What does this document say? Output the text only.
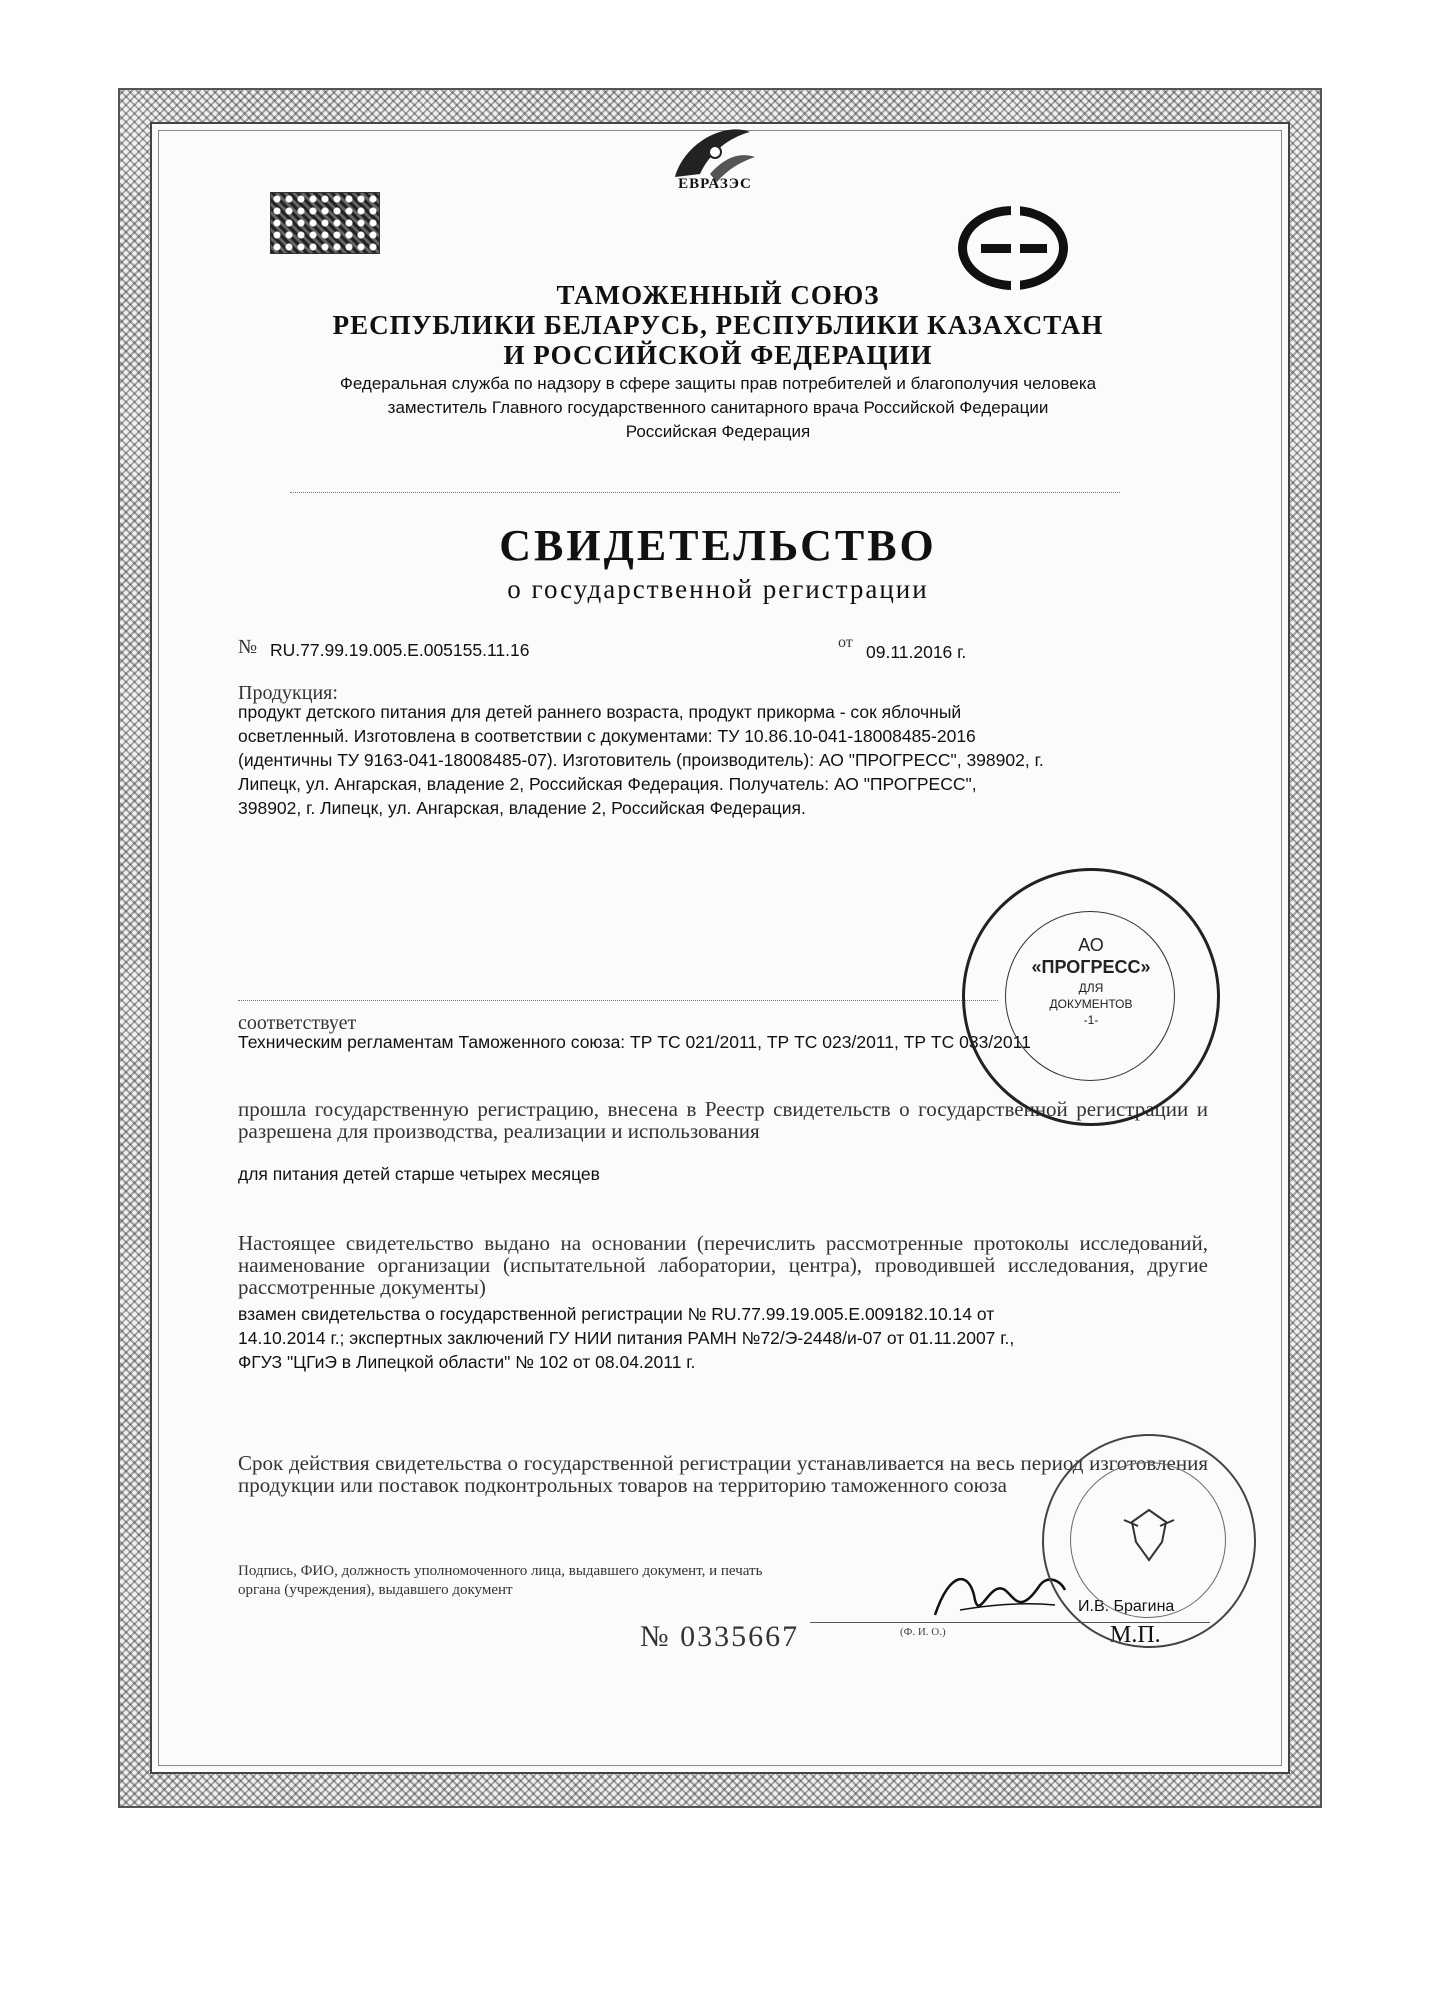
ЕВРАЗЭС
ТАМОЖЕННЫЙ СОЮЗ
РЕСПУБЛИКИ БЕЛАРУСЬ, РЕСПУБЛИКИ КАЗАХСТАН
И РОССИЙСКОЙ ФЕДЕРАЦИИ
Федеральная служба по надзору в сфере защиты прав потребителей и благополучия человека
заместитель Главного государственного санитарного врача Российской Федерации
Российская Федерация
СВИДЕТЕЛЬСТВО
о государственной регистрации
№ RU.77.99.19.005.E.005155.11.16	от 09.11.2016 г.
Продукция:
продукт детского питания для детей раннего возраста, продукт прикорма - сок яблочный
осветленный. Изготовлена в соответствии с документами: ТУ 10.86.10-041-18008485-2016
(идентичны ТУ 9163-041-18008485-07). Изготовитель (производитель): АО "ПРОГРЕСС", 398902, г.
Липецк, ул. Ангарская, владение 2, Российская Федерация. Получатель: АО "ПРОГРЕСС",
398902, г. Липецк, ул. Ангарская, владение 2, Российская Федерация.
соответствует
Техническим регламентам Таможенного союза: ТР ТС 021/2011, ТР ТС 023/2011, ТР ТС 033/2011
прошла государственную регистрацию, внесена в Реестр свидетельств о государственной регистрации и разрешена для производства, реализации и использования
для питания детей старше четырех месяцев
Настоящее свидетельство выдано на основании (перечислить рассмотренные протоколы исследований, наименование организации (испытательной лаборатории, центра), проводившей исследования, другие рассмотренные документы)
взамен свидетельства о государственной регистрации № RU.77.99.19.005.E.009182.10.14 от
14.10.2014 г.; экспертных заключений ГУ НИИ питания РАМН №72/Э-2448/и-07 от 01.11.2007 г.,
ФГУЗ "ЦГиЭ в Липецкой области" № 102 от 08.04.2011 г.
Срок действия свидетельства о государственной регистрации устанавливается на весь период изготовления продукции или поставок подконтрольных товаров на территорию таможенного союза
Подпись, ФИО, должность уполномоченного лица, выдавшего документ, и печать органа (учреждения), выдавшего документ
И.В. Брагина
(Ф. И. О.)	М.П.
№ 0335667
АО
«ПРОГРЕСС»
ДЛЯ
ДОКУМЕНТОВ
-1-
